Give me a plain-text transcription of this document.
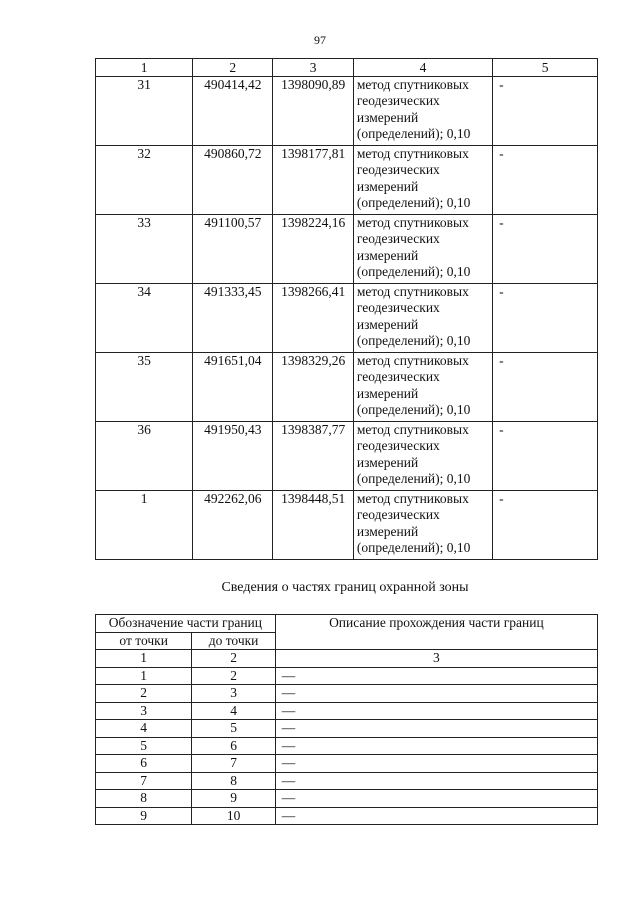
97
1	2	3	4	5
31	490414,42	1398090,89	метод спутниковых
геодезических
измерений
(определений); 0,10	-
32	490860,72	1398177,81	метод спутниковых
геодезических
измерений
(определений); 0,10	-
33	491100,57	1398224,16	метод спутниковых
геодезических
измерений
(определений); 0,10	-
34	491333,45	1398266,41	метод спутниковых
геодезических
измерений
(определений); 0,10	-
35	491651,04	1398329,26	метод спутниковых
геодезических
измерений
(определений); 0,10	-
36	491950,43	1398387,77	метод спутниковых
геодезических
измерений
(определений); 0,10	-
1	492262,06	1398448,51	метод спутниковых
геодезических
измерений
(определений); 0,10	-
Сведения о частях границ охранной зоны
Обозначение части границ		Описание прохождения части границ
от точки	до точки	
1	2	3
1	2	—
2	3	—
3	4	—
4	5	—
5	6	—
6	7	—
7	8	—
8	9	—
9	10	—
